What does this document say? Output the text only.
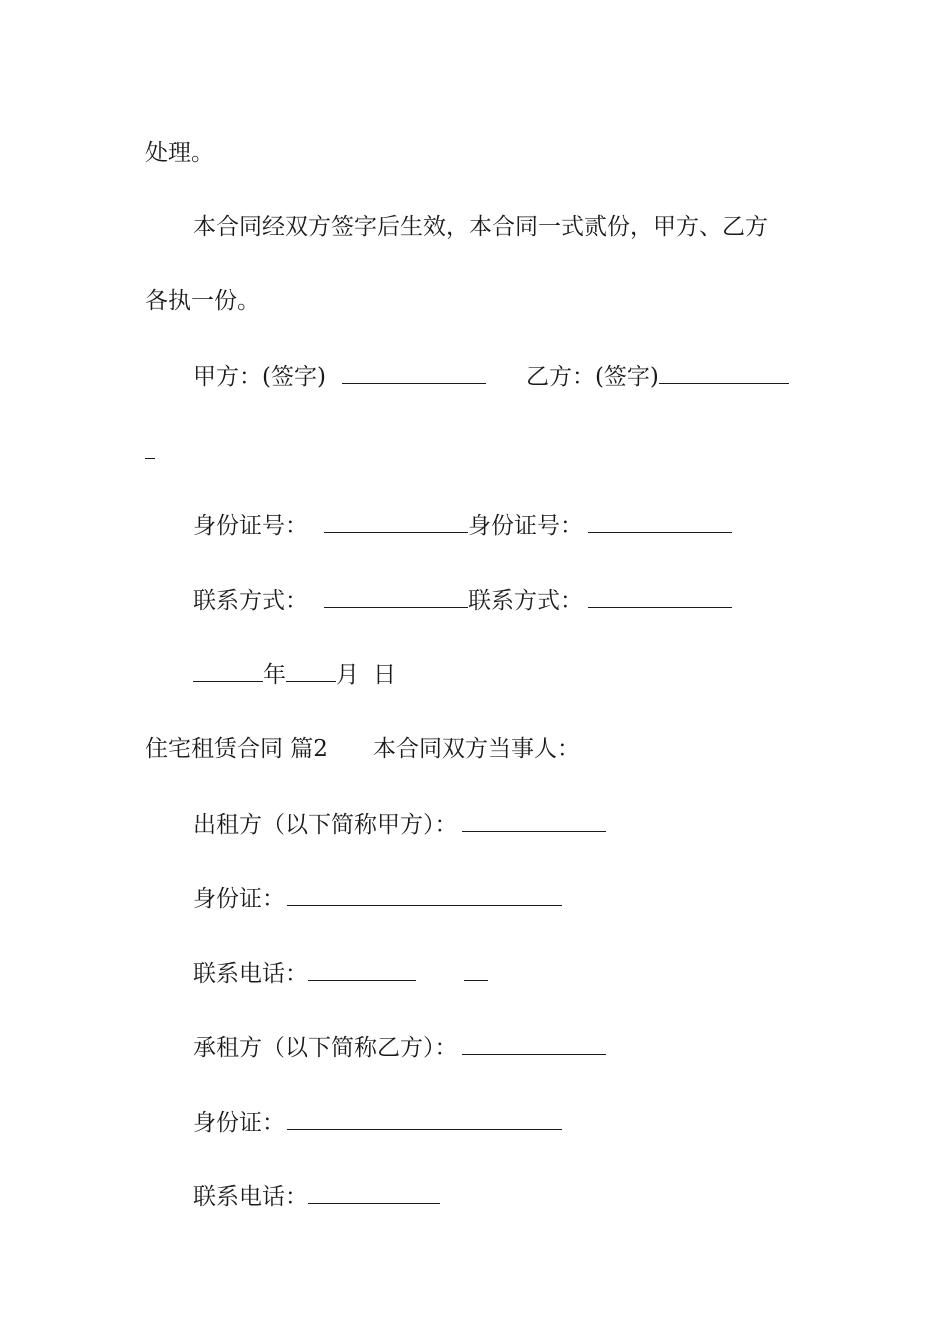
处理。
本合同经双方签字后生效，本合同一式贰份，甲方、乙方
各执一份。
甲方：(签字)	乙方：(签字)
身份证号：	身份证号：
联系方式：	联系方式：
年 月 日
住宅租赁合同 篇2 本合同双方当事人：
出租方（以下简称甲方）：
身份证：
联系电话：
承租方（以下简称乙方）：
身份证：
联系电话：
